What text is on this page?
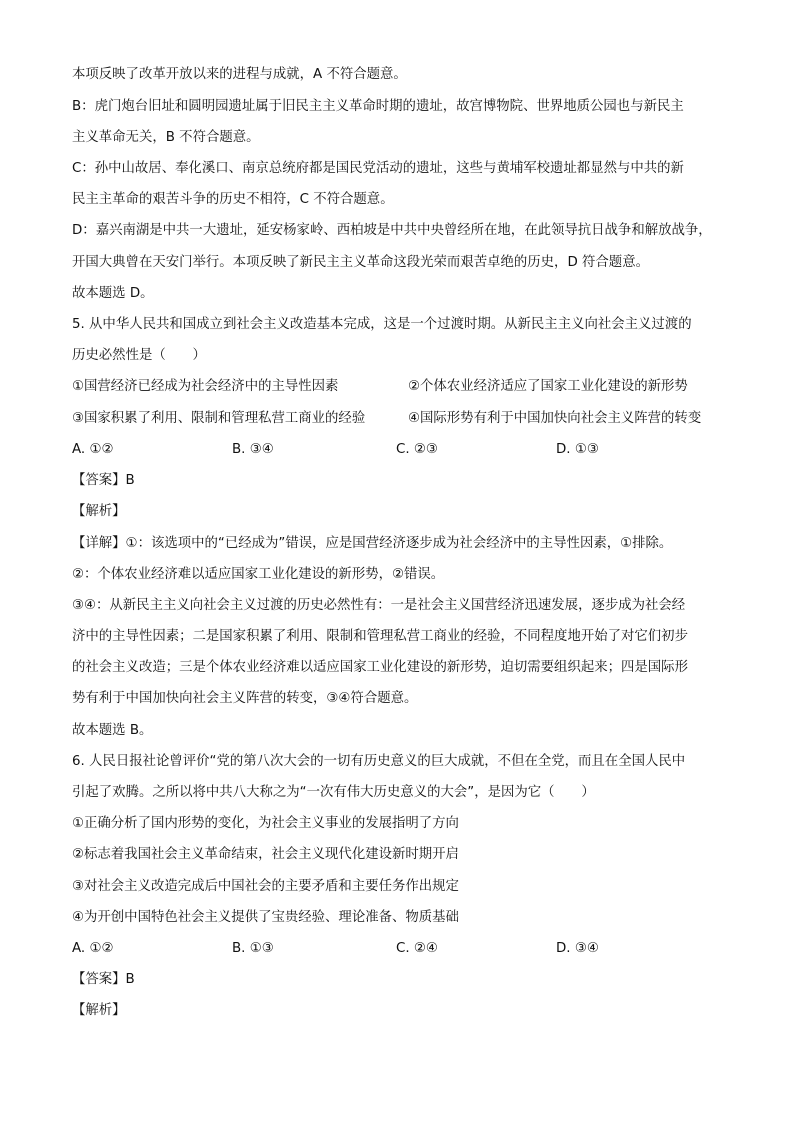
本项反映了改革开放以来的进程与成就，A 不符合题意。
B：虎门炮台旧址和圆明园遗址属于旧民主主义革命时期的遗址，故宫博物院、世界地质公园也与新民主
主义革命无关，B 不符合题意。
C：孙中山故居、奉化溪口、南京总统府都是国民党活动的遗址，这些与黄埔军校遗址都显然与中共的新
民主主革命的艰苦斗争的历史不相符，C 不符合题意。
D：嘉兴南湖是中共一大遗址，延安杨家岭、西柏坡是中共中央曾经所在地，在此领导抗日战争和解放战争，
开国大典曾在天安门举行。本项反映了新民主主义革命这段光荣而艰苦卓绝的历史，D 符合题意。
故本题选 D。
5. 从中华人民共和国成立到社会主义改造基本完成，这是一个过渡时期。从新民主主义向社会主义过渡的
历史必然性是（　　）
①国营经济已经成为社会经济中的主导性因素	②个体农业经济适应了国家工业化建设的新形势
③国家积累了利用、限制和管理私营工商业的经验	④国际形势有利于中国加快向社会主义阵营的转变
A. ①②	B. ③④	C. ②③	D. ①③
【答案】B
【解析】
【详解】①：该选项中的“已经成为”错误，应是国营经济逐步成为社会经济中的主导性因素，①排除。
②：个体农业经济难以适应国家工业化建设的新形势，②错误。
③④：从新民主主义向社会主义过渡的历史必然性有：一是社会主义国营经济迅速发展，逐步成为社会经
济中的主导性因素；二是国家积累了利用、限制和管理私营工商业的经验，不同程度地开始了对它们初步
的社会主义改造；三是个体农业经济难以适应国家工业化建设的新形势，迫切需要组织起来；四是国际形
势有利于中国加快向社会主义阵营的转变，③④符合题意。
故本题选 B。
6. 人民日报社论曾评价“党的第八次大会的一切有历史意义的巨大成就，不但在全党，而且在全国人民中
引起了欢腾。之所以将中共八大称之为“一次有伟大历史意义的大会”，是因为它（　　）
①正确分析了国内形势的变化，为社会主义事业的发展指明了方向
②标志着我国社会主义革命结束，社会主义现代化建设新时期开启
③对社会主义改造完成后中国社会的主要矛盾和主要任务作出规定
④为开创中国特色社会主义提供了宝贵经验、理论准备、物质基础
A. ①②	B. ①③	C. ②④	D. ③④
【答案】B
【解析】
